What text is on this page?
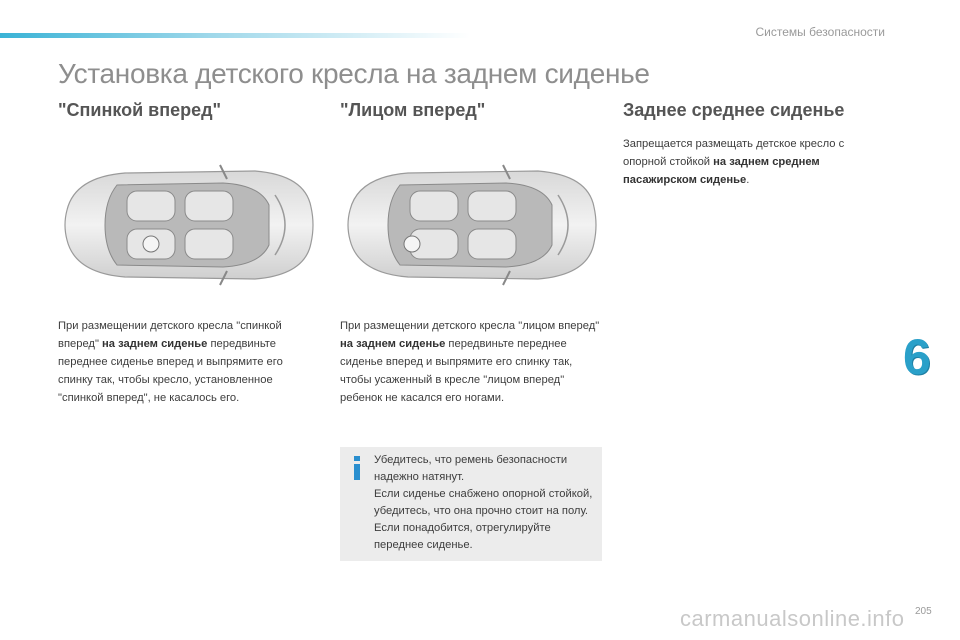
Системы безопасности
Установка детского кресла на заднем сиденье
"Спинкой вперед"

При размещении детского кресла "спинкой вперед" на заднем сиденье передвиньте переднее сиденье вперед и выпрямите его спинку так, чтобы кресло, установленное "спинкой вперед", не касалось его.

"Лицом вперед"

При размещении детского кресла "лицом вперед" на заднем сиденье передвиньте переднее сиденье вперед и выпрямите его спинку так, чтобы усаженный в кресле "лицом вперед" ребенок не касался его ногами.

Убедитесь, что ремень безопасности надежно натянут.
Если сиденье снабжено опорной стойкой, убедитесь, что она прочно стоит на полу. Если понадобится, отрегулируйте переднее сиденье.

Заднее среднее сиденье

Запрещается размещать детское кресло с опорной стойкой на заднем среднем пасажирском сиденье.

6
carmanualsonline.info 205
